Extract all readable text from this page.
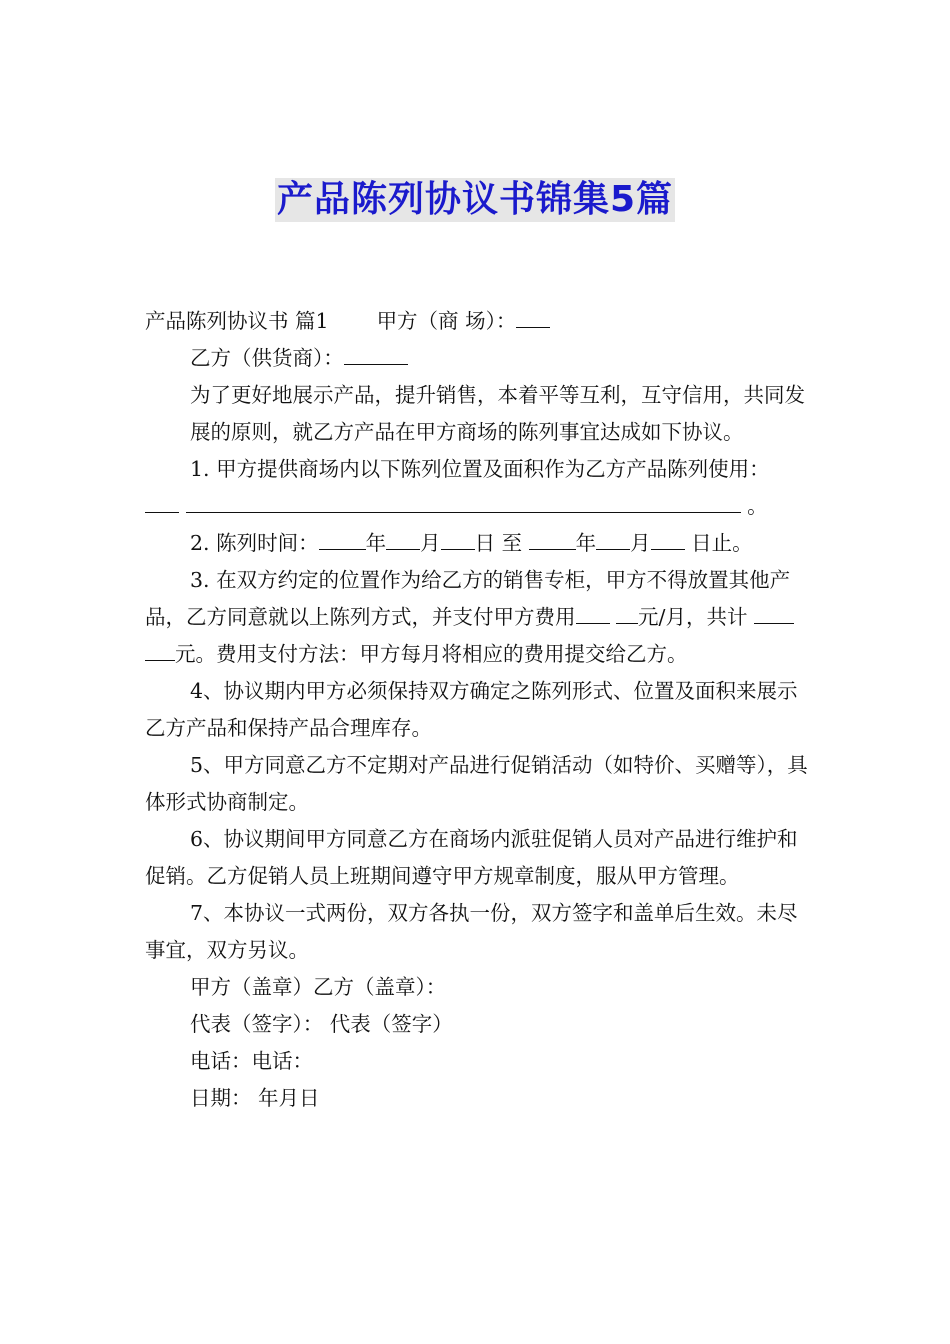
产品陈列协议书锦集5篇

产品陈列协议书 篇1 甲方（商 场）：

乙方（供货商）：

为了更好地展示产品，提升销售，本着平等互利，互守信用，共同发

展的原则，就乙方产品在甲方商场的陈列事宜达成如下协议。

1. 甲方提供商场内以下陈列位置及面积作为乙方产品陈列使用：

。

2. 陈列时间： 年 月 日 至	年 月 日止。

3. 在双方约定的位置作为给乙方的销售专柜，甲方不得放置其他产品，乙方同意就以上陈列方式，并支付甲方费用	元/月，共计  元。费用支付方法：甲方每月将相应的费用提交给乙方。

4、协议期内甲方必须保持双方确定之陈列形式、位置及面积来展示乙方产品和保持产品合理库存。

5、甲方同意乙方不定期对产品进行促销活动（如特价、买赠等），具体形式协商制定。

6、协议期间甲方同意乙方在商场内派驻促销人员对产品进行维护和促销。乙方促销人员上班期间遵守甲方规章制度，服从甲方管理。

7、本协议一式两份，双方各执一份，双方签字和盖单后生效。未尽事宜，双方另议。

甲方（盖章）乙方（盖章）：

代表（签字）： 代表（签字）

电话：电话：

日期： 年月日
